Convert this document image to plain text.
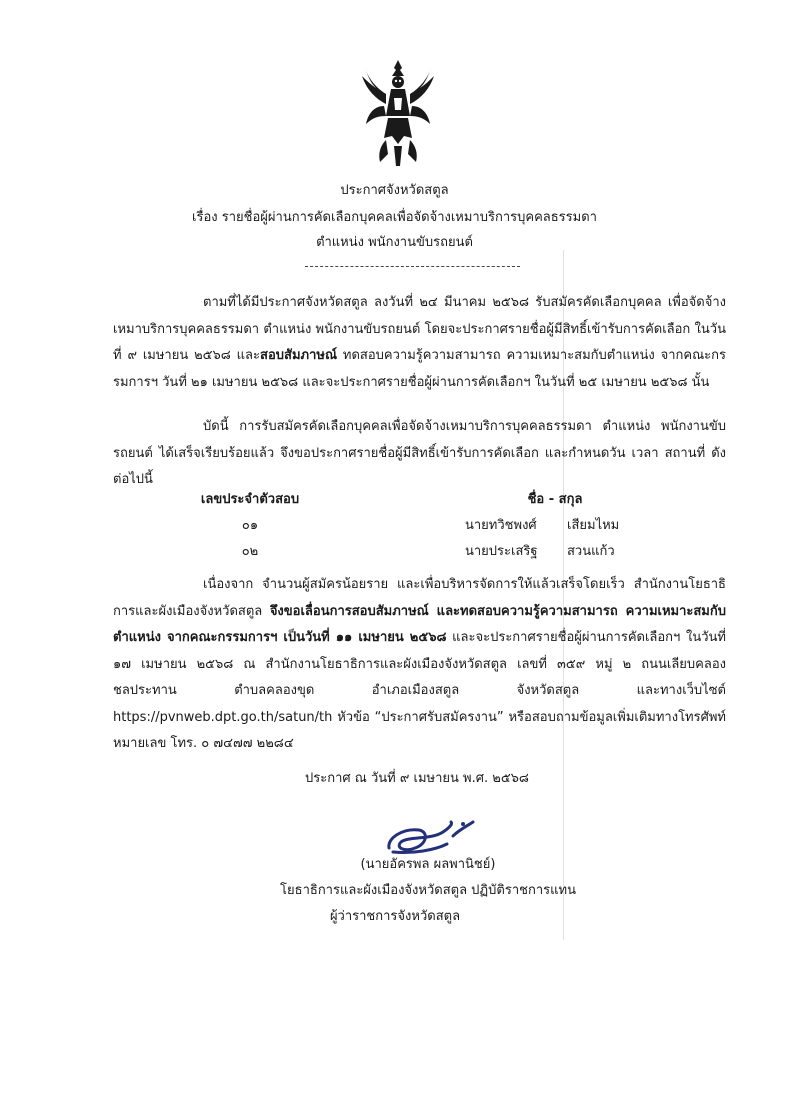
ประกาศจังหวัดสตูล
เรื่อง รายชื่อผู้ผ่านการคัดเลือกบุคคลเพื่อจัดจ้างเหมาบริการบุคคลธรรมดา
ตำแหน่ง พนักงานขับรถยนต์

ตามที่ได้มีประกาศจังหวัดสตูล ลงวันที่ ๒๔ มีนาคม ๒๕๖๘ รับสมัครคัดเลือกบุคคล เพื่อจัดจ้างเหมาบริการบุคคลธรรมดา ตำแหน่ง พนักงานขับรถยนต์ โดยจะประกาศรายชื่อผู้มีสิทธิ์เข้ารับการคัดเลือก ในวันที่ ๙ เมษายน ๒๕๖๘ และสอบสัมภาษณ์ ทดสอบความรู้ความสามารถ ความเหมาะสมกับตำแหน่ง จากคณะกรรมการฯ วันที่ ๒๑ เมษายน ๒๕๖๘ และจะประกาศรายชื่อผู้ผ่านการคัดเลือกฯ ในวันที่ ๒๕ เมษายน ๒๕๖๘ นั้น

บัดนี้ การรับสมัครคัดเลือกบุคคลเพื่อจัดจ้างเหมาบริการบุคคลธรรมดา ตำแหน่ง พนักงานขับรถยนต์ ได้เสร็จเรียบร้อยแล้ว จึงขอประกาศรายชื่อผู้มีสิทธิ์เข้ารับการคัดเลือก และกำหนดวัน เวลา สถานที่ ดังต่อไปนี้

เลขประจำตัวสอบ	ชื่อ - สกุล
๐๑	นายทวิชพงศ์	เสียมไหม
๐๒	นายประเสริฐ	สวนแก้ว

เนื่องจาก จำนวนผู้สมัครน้อยราย และเพื่อบริหารจัดการให้แล้วเสร็จโดยเร็ว สำนักงานโยธาธิการและผังเมืองจังหวัดสตูล จึงขอเลื่อนการสอบสัมภาษณ์ และทดสอบความรู้ความสามารถ ความเหมาะสมกับตำแหน่ง จากคณะกรรมการฯ เป็นวันที่ ๑๑ เมษายน ๒๕๖๘ และจะประกาศรายชื่อผู้ผ่านการคัดเลือกฯ ในวันที่ ๑๗ เมษายน ๒๕๖๘ ณ สำนักงานโยธาธิการและผังเมืองจังหวัดสตูล เลขที่ ๓๕๙ หมู่ ๒ ถนนเลียบคลองชลประทาน ตำบลคลองขุด อำเภอเมืองสตูล จังหวัดสตูล และทางเว็บไซต์ https://pvnweb.dpt.go.th/satun/th หัวข้อ “ประกาศรับสมัครงาน” หรือสอบถามข้อมูลเพิ่มเติมทางโทรศัพท์หมายเลข โทร. ๐ ๗๔๗๗ ๒๒๘๔

ประกาศ ณ วันที่ ๙ เมษายน พ.ศ. ๒๕๖๘
(นายอัครพล ผลพานิชย์)
โยธาธิการและผังเมืองจังหวัดสตูล ปฏิบัติราชการแทน
ผู้ว่าราชการจังหวัดสตูล
